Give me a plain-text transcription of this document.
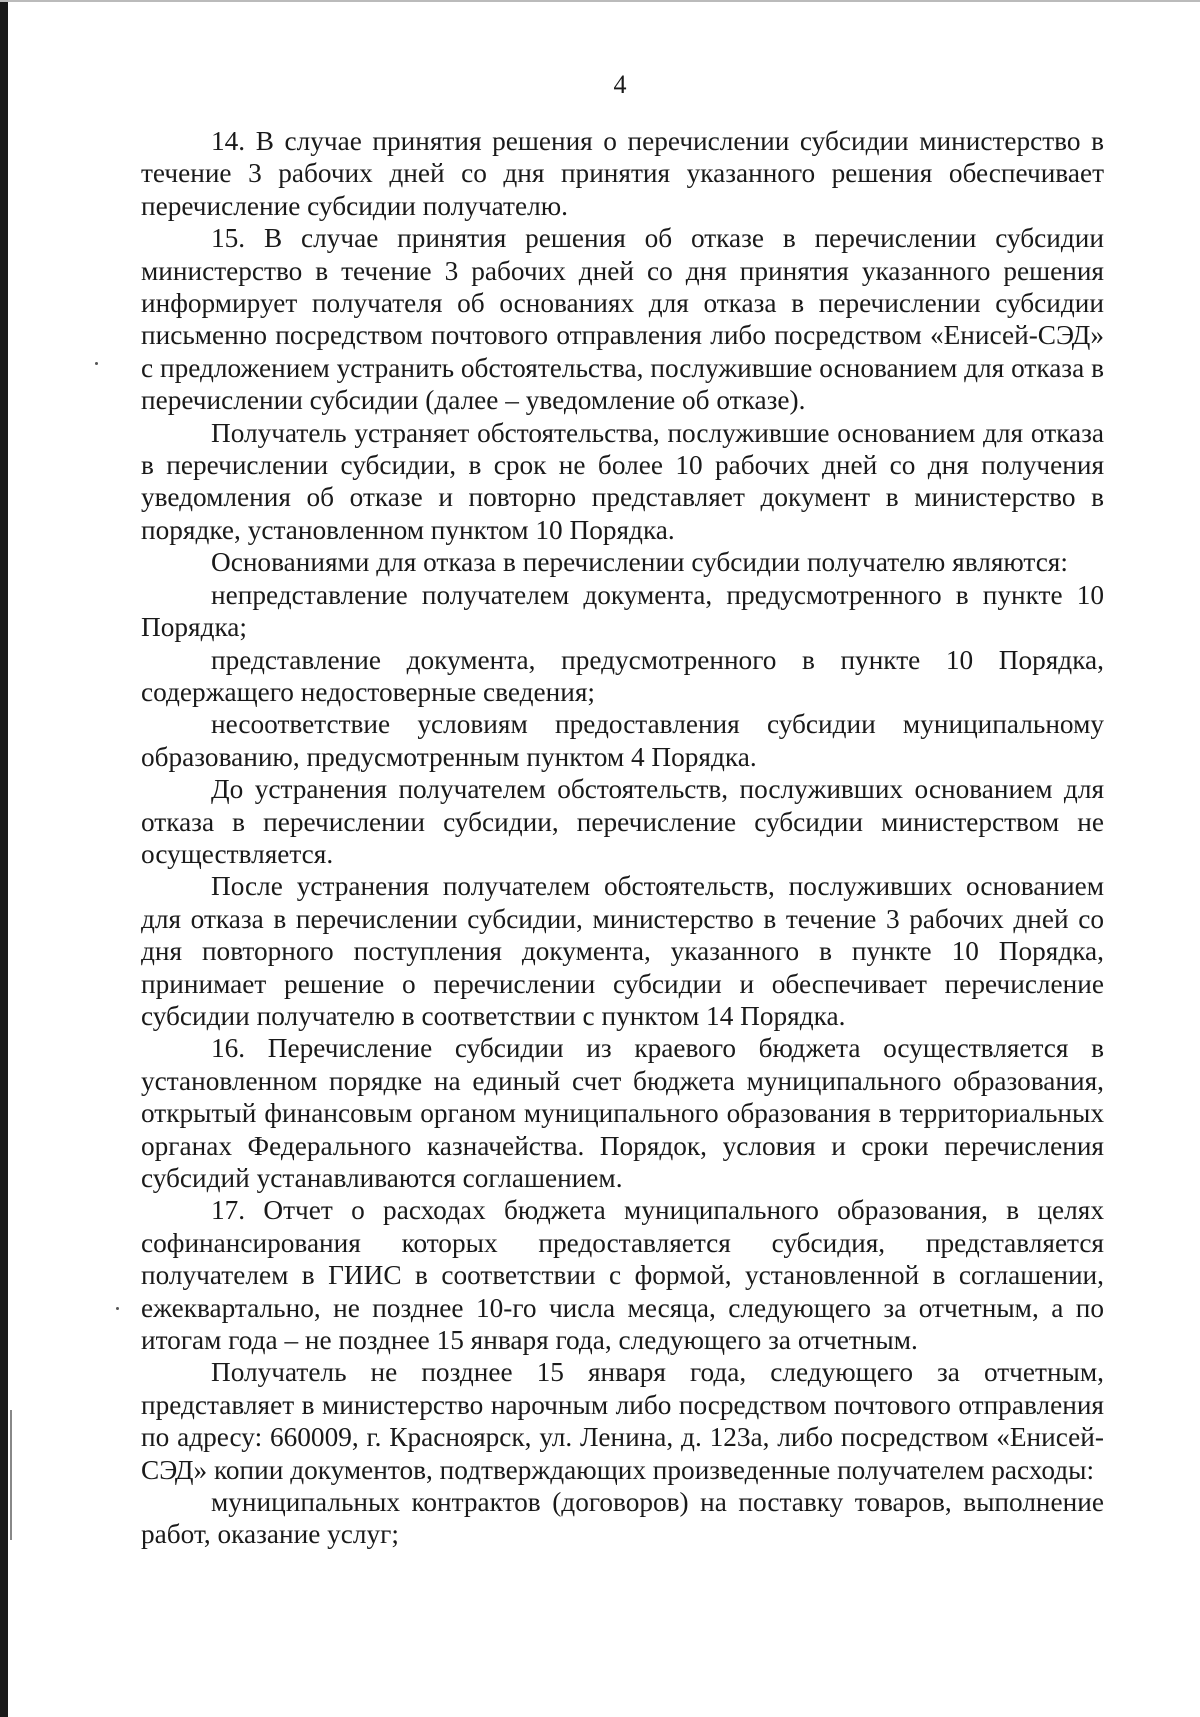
4

14. В случае принятия решения о перечислении субсидии министерство в течение 3 рабочих дней со дня принятия указанного решения обеспечивает перечисление субсидии получателю.

15. В случае принятия решения об отказе в перечислении субсидии министерство в течение 3 рабочих дней со дня принятия указанного решения информирует получателя об основаниях для отказа в перечислении субсидии письменно посредством почтового отправления либо посредством «Енисей-СЭД» с предложением устранить обстоятельства, послужившие основанием для отказа в перечислении субсидии (далее – уведомление об отказе).

Получатель устраняет обстоятельства, послужившие основанием для отказа в перечислении субсидии, в срок не более 10 рабочих дней со дня получения уведомления об отказе и повторно представляет документ в министерство в порядке, установленном пунктом 10 Порядка.

Основаниями для отказа в перечислении субсидии получателю являются:

непредставление получателем документа, предусмотренного в пункте 10 Порядка;

представление документа, предусмотренного в пункте 10 Порядка, содержащего недостоверные сведения;

несоответствие условиям предоставления субсидии муниципальному образованию, предусмотренным пунктом 4 Порядка.

До устранения получателем обстоятельств, послуживших основанием для отказа в перечислении субсидии, перечисление субсидии министерством не осуществляется.

После устранения получателем обстоятельств, послуживших основанием для отказа в перечислении субсидии, министерство в течение 3 рабочих дней со дня повторного поступления документа, указанного в пункте 10 Порядка, принимает решение о перечислении субсидии и обеспечивает перечисление субсидии получателю в соответствии с пунктом 14 Порядка.

16. Перечисление субсидии из краевого бюджета осуществляется в установленном порядке на единый счет бюджета муниципального образования, открытый финансовым органом муниципального образования в территориальных органах Федерального казначейства. Порядок, условия и сроки перечисления субсидий устанавливаются соглашением.

17. Отчет о расходах бюджета муниципального образования, в целях софинансирования которых предоставляется субсидия, представляется получателем в ГИИС в соответствии с формой, установленной в соглашении, ежеквартально, не позднее 10-го числа месяца, следующего за отчетным, а по итогам года – не позднее 15 января года, следующего за отчетным.

Получатель не позднее 15 января года, следующего за отчетным, представляет в министерство нарочным либо посредством почтового отправления по адресу: 660009, г. Красноярск, ул. Ленина, д. 123а, либо посредством «Енисей-СЭД» копии документов, подтверждающих произведенные получателем расходы:

муниципальных контрактов (договоров) на поставку товаров, выполнение работ, оказание услуг;
